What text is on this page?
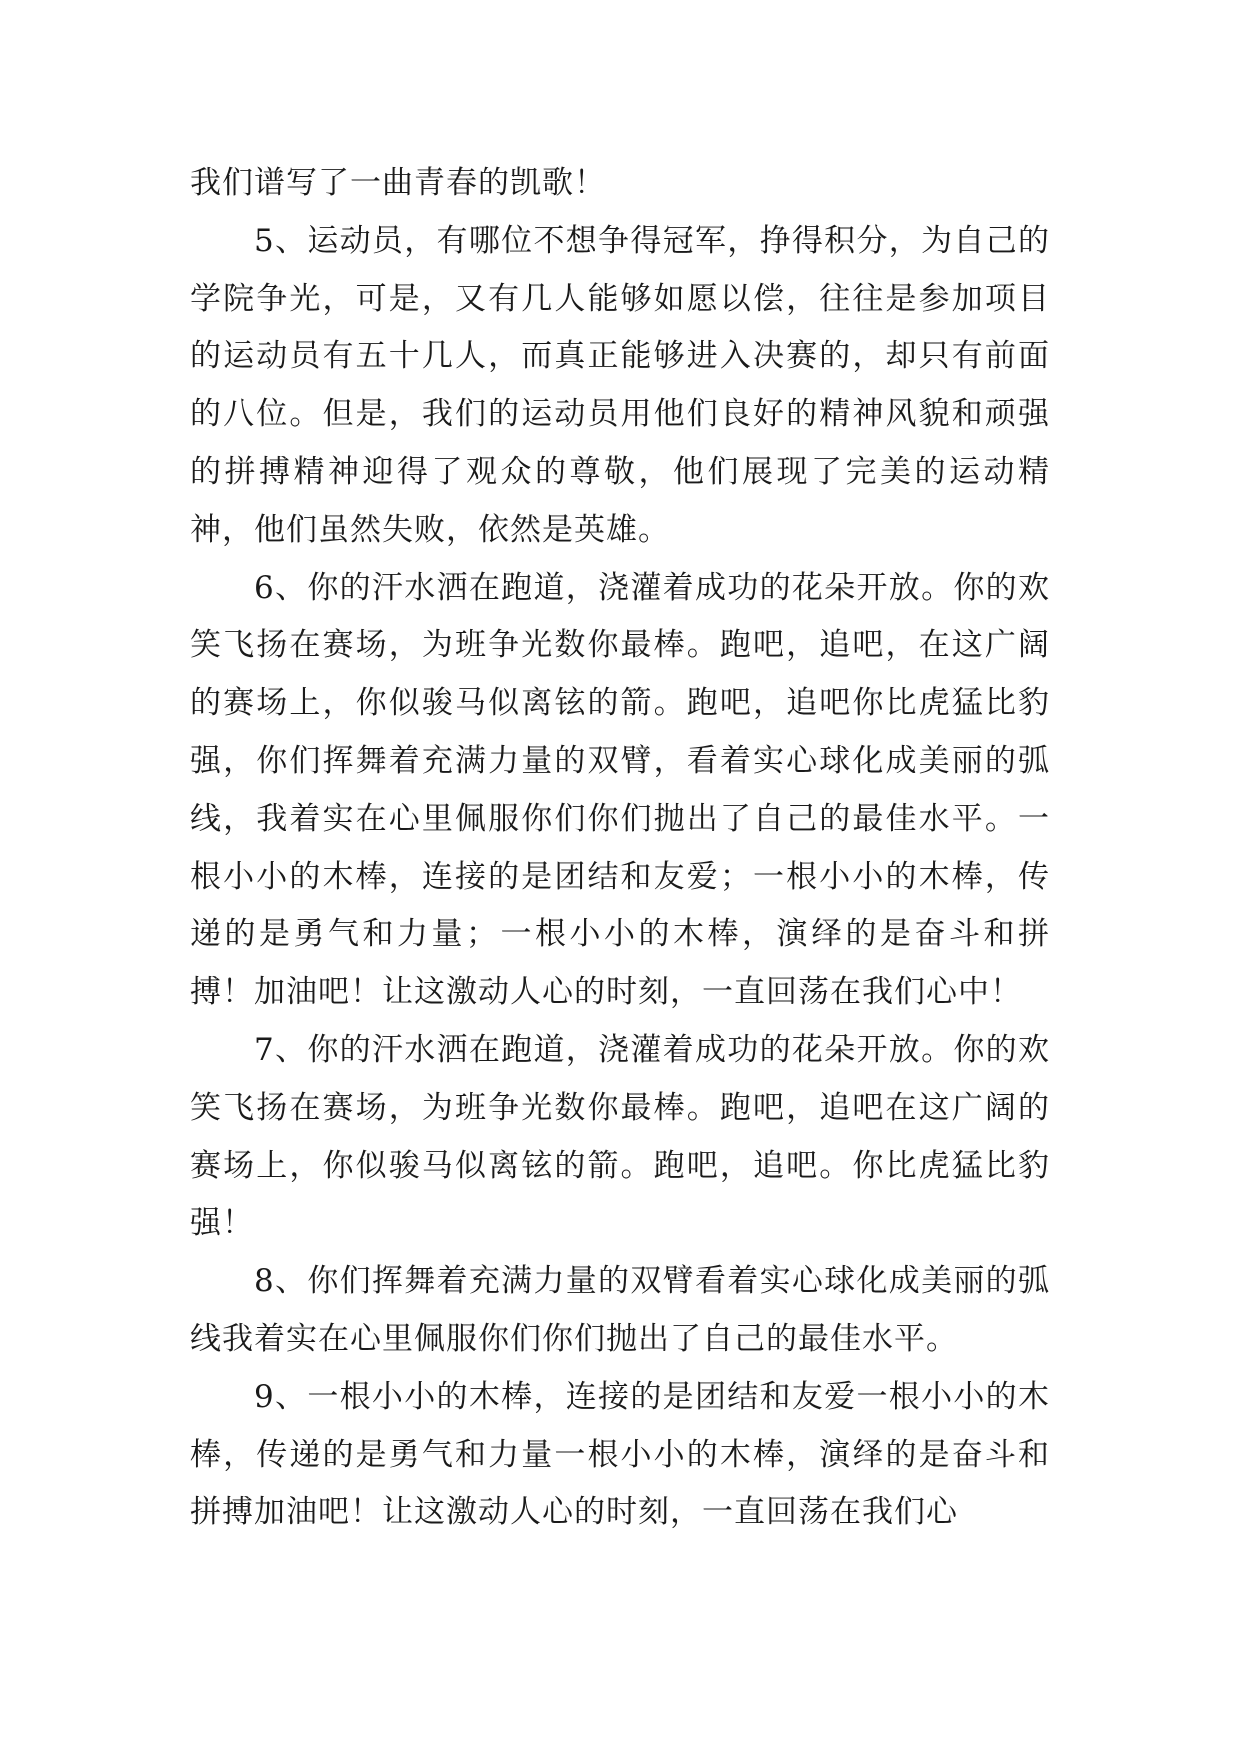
我们谱写了一曲青春的凯歌！

5、运动员，有哪位不想争得冠军，挣得积分，为自己的学院争光，可是，又有几人能够如愿以偿，往往是参加项目的运动员有五十几人，而真正能够进入决赛的，却只有前面的八位。但是，我们的运动员用他们良好的精神风貌和顽强的拼搏精神迎得了观众的尊敬，他们展现了完美的运动精神，他们虽然失败，依然是英雄。

6、你的汗水洒在跑道，浇灌着成功的花朵开放。你的欢笑飞扬在赛场，为班争光数你最棒。跑吧，追吧，在这广阔的赛场上，你似骏马似离铉的箭。跑吧，追吧你比虎猛比豹强，你们挥舞着充满力量的双臂，看着实心球化成美丽的弧线，我着实在心里佩服你们你们抛出了自己的最佳水平。一根小小的木棒，连接的是团结和友爱；一根小小的木棒，传递的是勇气和力量；一根小小的木棒，演绎的是奋斗和拼搏！加油吧！让这激动人心的时刻，一直回荡在我们心中！

7、你的汗水洒在跑道，浇灌着成功的花朵开放。你的欢笑飞扬在赛场，为班争光数你最棒。跑吧，追吧在这广阔的赛场上，你似骏马似离铉的箭。跑吧，追吧。你比虎猛比豹强！

8、你们挥舞着充满力量的双臂看着实心球化成美丽的弧线我着实在心里佩服你们你们抛出了自己的最佳水平。

9、一根小小的木棒，连接的是团结和友爱一根小小的木棒，传递的是勇气和力量一根小小的木棒，演绎的是奋斗和拼搏加油吧！让这激动人心的时刻，一直回荡在我们心
